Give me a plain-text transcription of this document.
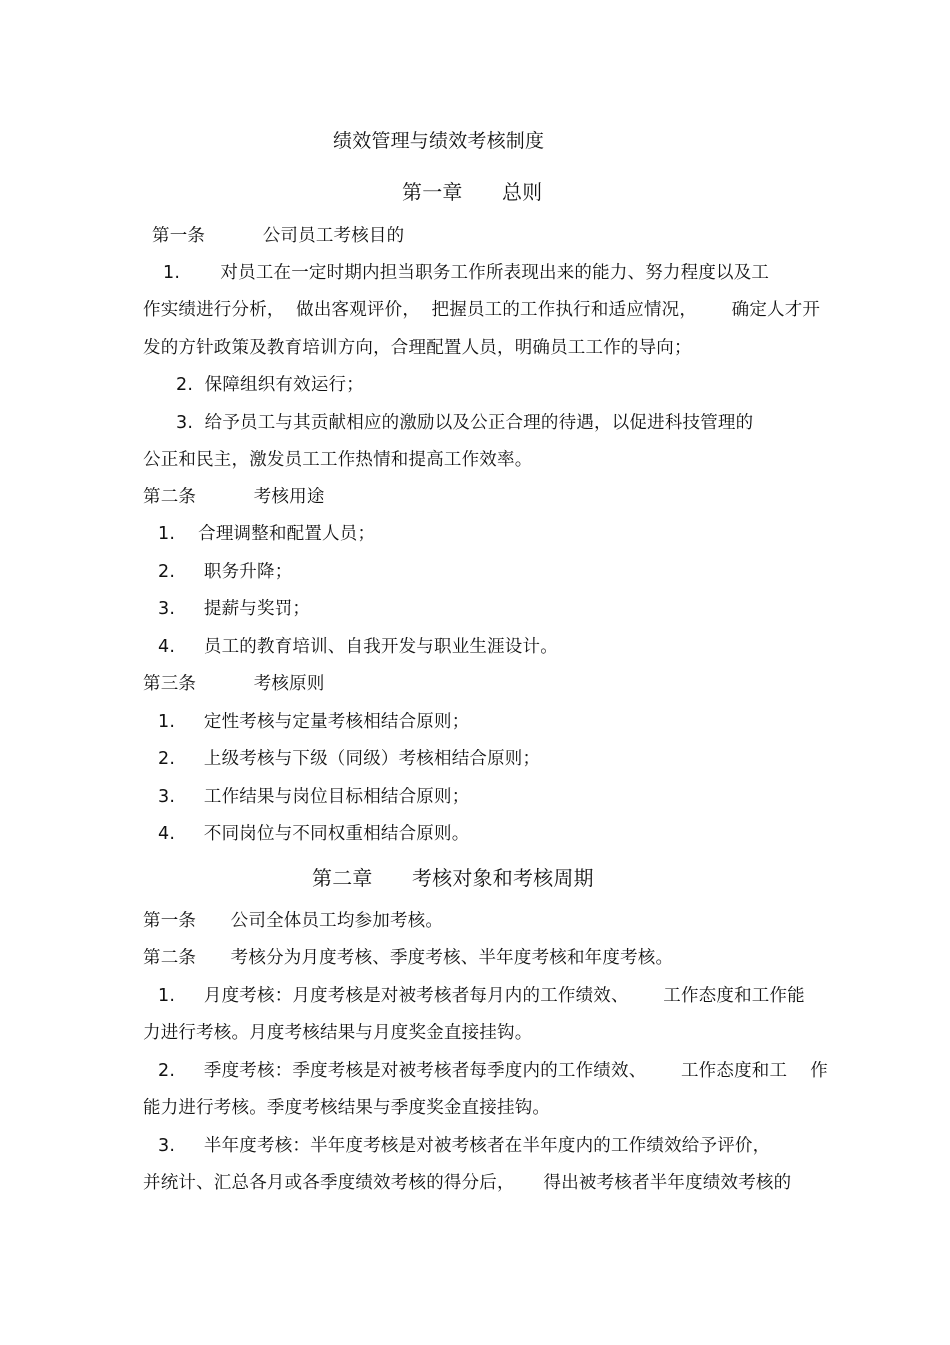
绩效管理与绩效考核制度
第一章      总则
第一条          公司员工考核目的
1.       对员工在一定时期内担当职务工作所表现出来的能力、努力程度以及工
作实绩进行分析，  做出客观评价，  把握员工的工作执行和适应情况，      确定人才开
发的方针政策及教育培训方向，合理配置人员，明确员工工作的导向；
2.  保障组织有效运行；
3.  给予员工与其贡献相应的激励以及公正合理的待遇，以促进科技管理的
公正和民主，激发员工工作热情和提高工作效率。
第二条          考核用途
1.    合理调整和配置人员；
2.     职务升降；
3.     提薪与奖罚；
4.     员工的教育培训、自我开发与职业生涯设计。
第三条          考核原则
1.     定性考核与定量考核相结合原则；
2.     上级考核与下级（同级）考核相结合原则；
3.     工作结果与岗位目标相结合原则；
4.     不同岗位与不同权重相结合原则。
第二章      考核对象和考核周期
第一条      公司全体员工均参加考核。
第二条      考核分为月度考核、季度考核、半年度考核和年度考核。
1.     月度考核：月度考核是对被考核者每月内的工作绩效、      工作态度和工作能
力进行考核。月度考核结果与月度奖金直接挂钩。
2.     季度考核：季度考核是对被考核者每季度内的工作绩效、      工作态度和工    作
能力进行考核。季度考核结果与季度奖金直接挂钩。
3.     半年度考核：半年度考核是对被考核者在半年度内的工作绩效给予评价，
并统计、汇总各月或各季度绩效考核的得分后，     得出被考核者半年度绩效考核的
